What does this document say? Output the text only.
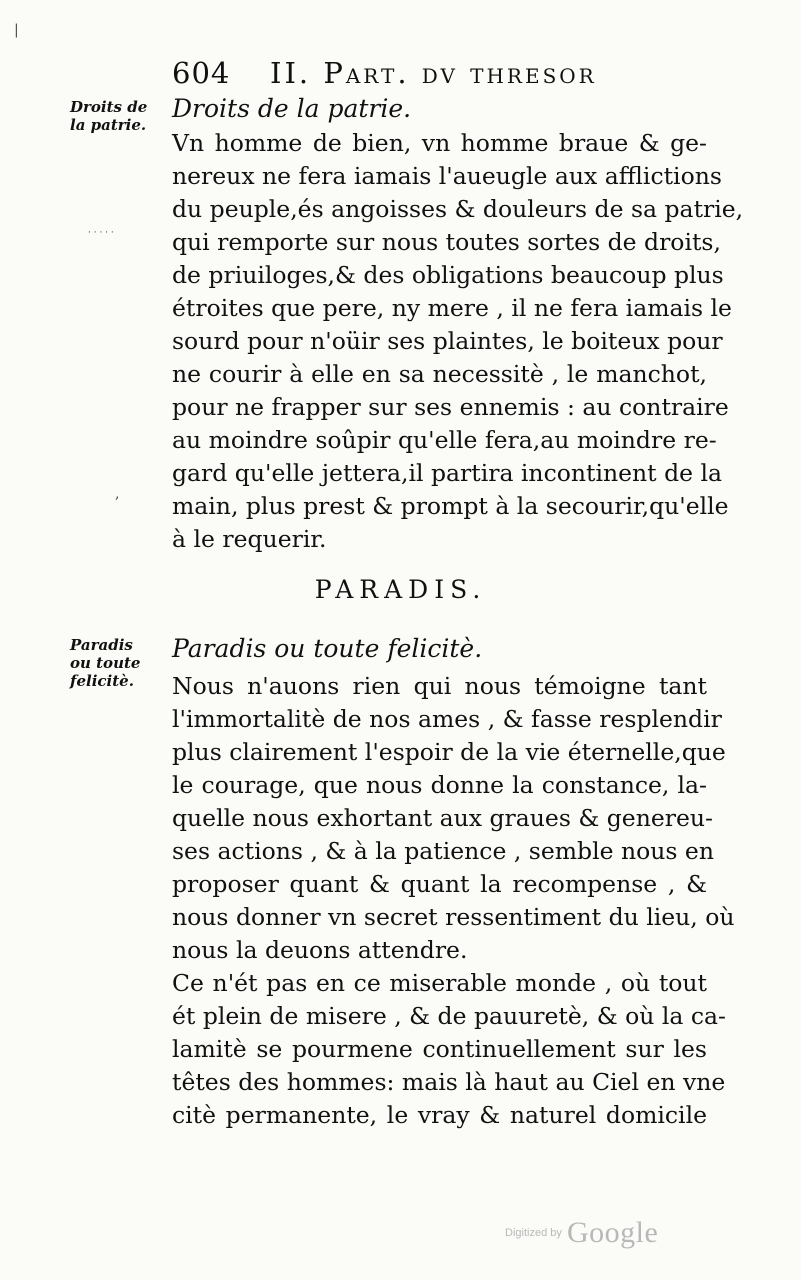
|
604 II. Part. dv thresor
Droits de
la patrie.
Droits de la patrie.
Vn homme de bien, vn homme braue & ge-
nereux ne fera iamais l'aueugle aux afflictions
du peuple,és angoisses & douleurs de sa patrie,
qui remporte sur nous toutes sortes de droits,
de priuiloges,& des obligations beaucoup plus
étroites que pere, ny mere , il ne fera iamais le
sourd pour n'oüir ses plaintes, le boiteux pour
ne courir à elle en sa necessitè , le manchot,
pour ne frapper sur ses ennemis : au contraire
au moindre soûpir qu'elle fera,au moindre re-
gard qu'elle jettera,il partira incontinent de la
main, plus prest & prompt à la secourir,qu'elle
à le requerir.
,
· · · · ·
PARADIS.
Paradis
ou toute
felicitè.
Paradis ou toute felicitè.
Nous n'auons rien qui nous témoigne tant
l'immortalitè de nos ames , & fasse resplendir
plus clairement l'espoir de la vie éternelle,que
le courage, que nous donne la constance, la-
quelle nous exhortant aux graues & genereu-
ses actions , & à la patience , semble nous en
proposer quant & quant la recompense , &
nous donner vn secret ressentiment du lieu, où
nous la deuons attendre.
Ce n'ét pas en ce miserable monde , où tout
ét plein de misere , & de pauuretè, & où la ca-
lamitè se pourmene continuellement sur les
têtes des hommes: mais là haut au Ciel en vne
citè permanente, le vray & naturel domicile
Digitized by Google
